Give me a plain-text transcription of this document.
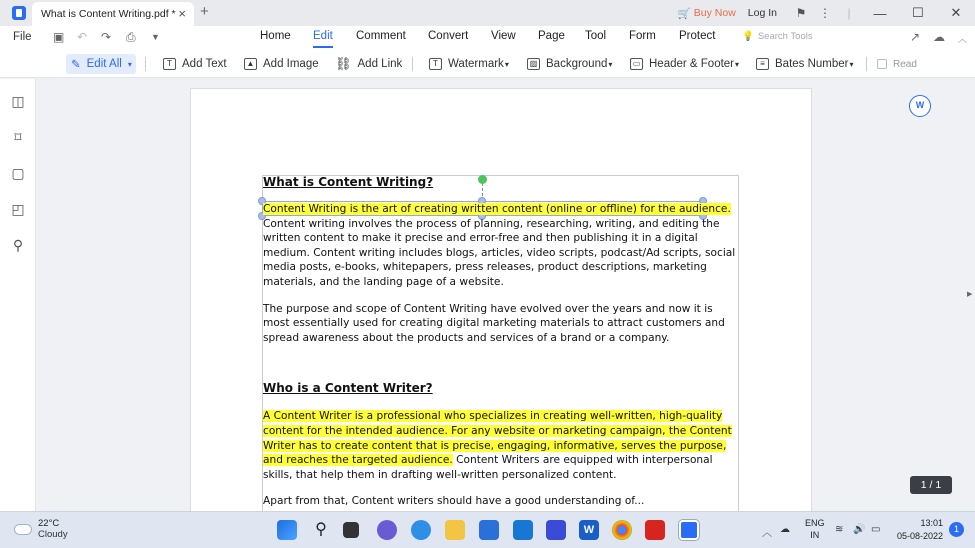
What is Content Writing.pdf * × +	🛒 Buy Now Log In	⚑	⋮	|	—	☐	✕
File ▣ ↶ ↷ ⎙ ▼	Home Edit Comment Convert View Page Tool Form Protect	💡 Search Tools	↗ ☁ ︿
✎ Edit All ▾	T Add Text	▲ Add Image ⛓ Add Link	T Watermark ▾	▨ Background ▾	▭ Header & Footer ▾	≡ Bates Number ▾	Read
◫
⌑
▢
◰
⚲
What is Content Writing?
Content Writing is the art of creating written content (online or offline) for the audience. Content writing involves the process of planning, researching, writing, and editing the written content to make it precise and error-free and then publishing it in a digital medium. Content writing includes blogs, articles, video scripts, podcast/Ad scripts, social media posts, e-books, whitepapers, press releases, product descriptions, marketing materials, and the landing page of a website.
The purpose and scope of Content Writing have evolved over the years and now it is most essentially used for creating digital marketing materials to attract customers and spread awareness about the products and services of a brand or a company.
Who is a Content Writer?
A Content Writer is a professional who specializes in creating well-written, high-quality content for the intended audience. For any website or marketing campaign, the Content Writer has to create content that is precise, engaging, informative, serves the purpose, and reaches the targeted audience. Content Writers are equipped with interpersonal skills, that help them in drafting well-written personalized content.
Apart from that, Content writers should have a good understanding of...
W
1 / 1
▶
22°C
Cloudy	⚲	W	︿ ☁
ENG
IN	≋ 🔊 ▭
13:01
05-08-2022
1
